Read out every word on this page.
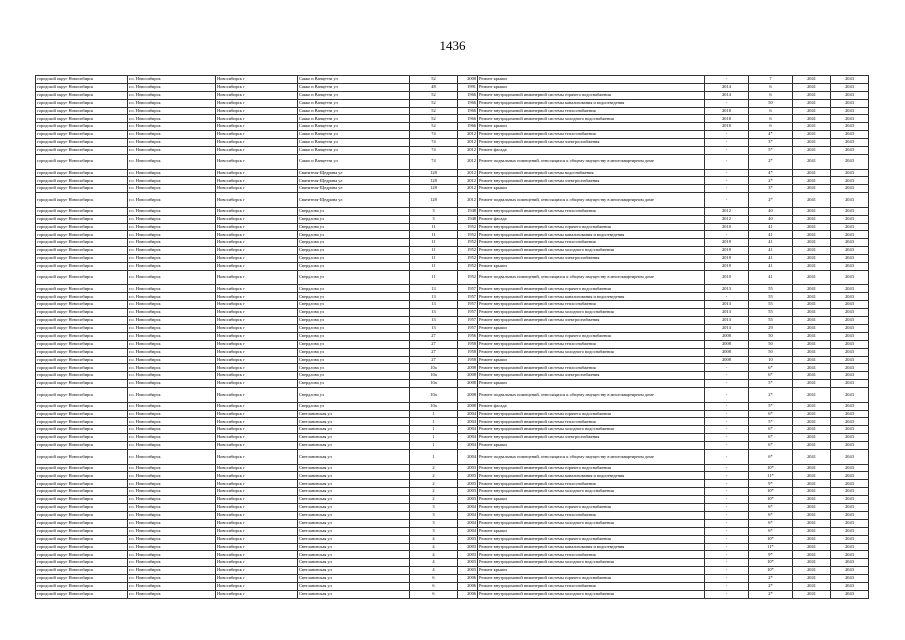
1436
городской округ Новосибирск	г.о. Новосибирск	Новосибирск г	Сакко и Ванцетти ул	52	2008	Ремонт крыши	-	7	2041	2043
городской округ Новосибирск	г.о. Новосибирск	Новосибирск г	Сакко и Ванцетти ул	48	1991	Ремонт крыши	2014	6	2041	2043
городской округ Новосибирск	г.о. Новосибирск	Новосибирск г	Сакко и Ванцетти ул	52	1966	Ремонт внутридомовой инженерной системы горячего водоснабжения	2014	6	2041	2043
городской округ Новосибирск	г.о. Новосибирск	Новосибирск г	Сакко и Ванцетти ул	52	1966	Ремонт внутридомовой инженерной системы канализования и водоотведения	-	50	2041	2043
городской округ Новосибирск	г.о. Новосибирск	Новосибирск г	Сакко и Ванцетти ул	52	1966	Ремонт внутридомовой инженерной системы теплоснабжения	2018	6	2041	2043
городской округ Новосибирск	г.о. Новосибирск	Новосибирск г	Сакко и Ванцетти ул	52	1966	Ремонт внутридомовой инженерной системы холодного водоснабжения	2018	6	2041	2043
городской округ Новосибирск	г.о. Новосибирск	Новосибирск г	Сакко и Ванцетти ул	52	1966	Ремонт крыши	2018	6	2041	2043
городской округ Новосибирск	г.о. Новосибирск	Новосибирск г	Сакко и Ванцетти ул	74	2012	Ремонт внутридомовой инженерной системы теплоснабжения	-	4*	2041	2043
городской округ Новосибирск	г.о. Новосибирск	Новосибирск г	Сакко и Ванцетти ул	74	2012	Ремонт внутридомовой инженерной системы электроснабжения	-	3*	2041	2043
городской округ Новосибирск	г.о. Новосибирск	Новосибирск г	Сакко и Ванцетти ул	74	2012	Ремонт фасада	-	5*	2041	2043
городской округ Новосибирск	г.о. Новосибирск	Новосибирск г	Сакко и Ванцетти ул	74	2012	Ремонт подвальных помещений, относящихся к общему имуществу в многоквартирном доме	-	2*	2041	2043
городской округ Новосибирск	г.о. Новосибирск	Новосибирск г	Святителя-Щедрина ул	128	2012	Ремонт внутридомовой инженерной системы водоснабжения	-	4*	2041	2043
городской округ Новосибирск	г.о. Новосибирск	Новосибирск г	Святителя-Щедрина ул	128	2012	Ремонт внутридомовой инженерной системы электроснабжения	-	2*	2041	2043
городской округ Новосибирск	г.о. Новосибирск	Новосибирск г	Святителя-Щедрина ул	128	2012	Ремонт крыши	-	3*	2041	2043
городской округ Новосибирск	г.о. Новосибирск	Новосибирск г	Святителя-Щедрина ул	128	2012	Ремонт подвальных помещений, относящихся к общему имуществу в многоквартирном доме	-	2*	2041	2043
городской округ Новосибирск	г.о. Новосибирск	Новосибирск г	Свердлова ул	3	1948	Ремонт внутридомовой инженерной системы теплоснабжения	2012	40	2041	2043
городской округ Новосибирск	г.о. Новосибирск	Новосибирск г	Свердлова ул	3	1948	Ремонт фасада	2012	40	2041	2043
городской округ Новосибирск	г.о. Новосибирск	Новосибирск г	Свердлова ул	11	1952	Ремонт внутридомовой инженерной системы горячего водоснабжения	2010	41	2041	2043
городской округ Новосибирск	г.о. Новосибирск	Новосибирск г	Свердлова ул	11	1952	Ремонт внутридомовой инженерной системы канализования и водоотведения	-	41	2041	2043
городской округ Новосибирск	г.о. Новосибирск	Новосибирск г	Свердлова ул	11	1952	Ремонт внутридомовой инженерной системы теплоснабжения	2010	41	2041	2043
городской округ Новосибирск	г.о. Новосибирск	Новосибирск г	Свердлова ул	11	1952	Ремонт внутридомовой инженерной системы холодного водоснабжения	2010	41	2041	2043
городской округ Новосибирск	г.о. Новосибирск	Новосибирск г	Свердлова ул	11	1952	Ремонт внутридомовой инженерной системы электроснабжения	2010	41	2041	2043
городской округ Новосибирск	г.о. Новосибирск	Новосибирск г	Свердлова ул	11	1952	Ремонт крыши	2010	41	2041	2043
городской округ Новосибирск	г.о. Новосибирск	Новосибирск г	Свердлова ул	11	1952	Ремонт подвальных помещений, относящихся к общему имуществу в многоквартирном доме	2010	41	2041	2043
городской округ Новосибирск	г.о. Новосибирск	Новосибирск г	Свердлова ул	13	1957	Ремонт внутридомовой инженерной системы горячего водоснабжения	2013	55	2041	2043
городской округ Новосибирск	г.о. Новосибирск	Новосибирск г	Свердлова ул	13	1957	Ремонт внутридомовой инженерной системы канализования и водоотведения	-	55	2041	2043
городской округ Новосибирск	г.о. Новосибирск	Новосибирск г	Свердлова ул	13	1957	Ремонт внутридомовой инженерной системы теплоснабжения	2013	55	2041	2043
городской округ Новосибирск	г.о. Новосибирск	Новосибирск г	Свердлова ул	13	1957	Ремонт внутридомовой инженерной системы холодного водоснабжения	2013	55	2041	2043
городской округ Новосибирск	г.о. Новосибирск	Новосибирск г	Свердлова ул	13	1957	Ремонт внутридомовой инженерной системы электроснабжения	2013	55	2041	2043
городской округ Новосибирск	г.о. Новосибирск	Новосибирск г	Свердлова ул	13	1957	Ремонт крыши	2013	29	2041	2043
городской округ Новосибирск	г.о. Новосибирск	Новосибирск г	Свердлова ул	27	1956	Ремонт внутридомовой инженерной системы горячего водоснабжения	2008	50	2041	2043
городской округ Новосибирск	г.о. Новосибирск	Новосибирск г	Свердлова ул	27	1958	Ремонт внутридомовой инженерной системы теплоснабжения	2008	50	2041	2043
городской округ Новосибирск	г.о. Новосибирск	Новосибирск г	Свердлова ул	27	1958	Ремонт внутридомовой инженерной системы холодного водоснабжения	2008	50	2041	2043
городской округ Новосибирск	г.о. Новосибирск	Новосибирск г	Свердлова ул	27	1958	Ремонт крыши	2008	10	2041	2043
городской округ Новосибирск	г.о. Новосибирск	Новосибирск г	Свердлова ул	10а	2008	Ремонт внутридомовой инженерной системы теплоснабжения	-	6*	2041	2043
городской округ Новосибирск	г.о. Новосибирск	Новосибирск г	Свердлова ул	10а	2008	Ремонт внутридомовой инженерной системы электроснабжения	-	6*	2041	2043
городской округ Новосибирск	г.о. Новосибирск	Новосибирск г	Свердлова ул	10а	2008	Ремонт крыши	-	5*	2041	2043
городской округ Новосибирск	г.о. Новосибирск	Новосибирск г	Свердлова ул	10а	2008	Ремонт подвальных помещений, относящихся к общему имуществу в многоквартирном доме	-	2*	2041	2043
городской округ Новосибирск	г.о. Новосибирск	Новосибирск г	Свердлова ул	10а	2008	Ремонт фасада	-	5*	2041	2043
городской округ Новосибирск	г.о. Новосибирск	Новосибирск г	Светлановская ул	1	2004	Ремонт внутридомовой инженерной системы горячего водоснабжения	-	6*	2041	2043
городской округ Новосибирск	г.о. Новосибирск	Новосибирск г	Светлановская ул	1	2004	Ремонт внутридомовой инженерной системы теплоснабжения	-	5*	2041	2043
городской округ Новосибирск	г.о. Новосибирск	Новосибирск г	Светлановская ул	1	2004	Ремонт внутридомовой инженерной системы холодного водоснабжения	-	6*	2041	2043
городской округ Новосибирск	г.о. Новосибирск	Новосибирск г	Светлановская ул	1	2004	Ремонт внутридомовой инженерной системы электроснабжения	-	6*	2041	2043
городской округ Новосибирск	г.о. Новосибирск	Новосибирск г	Светлановская ул	1	2004	Ремонт крыши	-	6*	2041	2043
городской округ Новосибирск	г.о. Новосибирск	Новосибирск г	Светлановская ул	1	2004	Ремонт подвальных помещений, относящихся к общему имуществу в многоквартирном доме	-	6*	2041	2043
городской округ Новосибирск	г.о. Новосибирск	Новосибирск г	Светлановская ул	2	2003	Ремонт внутридомовой инженерной системы горячего водоснабжения	-	10*	2041	2043
городской округ Новосибирск	г.о. Новосибирск	Новосибирск г	Светлановская ул	2	2003	Ремонт внутридомовой инженерной системы канализования и водоотведения	-	11*	2041	2043
городской округ Новосибирск	г.о. Новосибирск	Новосибирск г	Светлановская ул	2	2003	Ремонт внутридомовой инженерной системы теплоснабжения	-	9*	2041	2043
городской округ Новосибирск	г.о. Новосибирск	Новосибирск г	Светлановская ул	2	2003	Ремонт внутридомовой инженерной системы холодного водоснабжения	-	10*	2041	2043
городской округ Новосибирск	г.о. Новосибирск	Новосибирск г	Светлановская ул	2	2003	Ремонт крыши	-	10*	2041	2043
городской округ Новосибирск	г.о. Новосибирск	Новосибирск г	Светлановская ул	3	2004	Ремонт внутридомовой инженерной системы горячего водоснабжения	-	6*	2041	2043
городской округ Новосибирск	г.о. Новосибирск	Новосибирск г	Светлановская ул	3	2004	Ремонт внутридомовой инженерной системы теплоснабжения	-	6*	2041	2043
городской округ Новосибирск	г.о. Новосибирск	Новосибирск г	Светлановская ул	3	2004	Ремонт внутридомовой инженерной системы холодного водоснабжения	-	6*	2041	2043
городской округ Новосибирск	г.о. Новосибирск	Новосибирск г	Светлановская ул	3	2004	Ремонт крыши	-	6*	2041	2043
городской округ Новосибирск	г.о. Новосибирск	Новосибирск г	Светлановская ул	4	2003	Ремонт внутридомовой инженерной системы горячего водоснабжения	-	10*	2041	2043
городской округ Новосибирск	г.о. Новосибирск	Новосибирск г	Светлановская ул	4	2003	Ремонт внутридомовой инженерной системы канализования и водоотведения	-	11*	2041	2043
городской округ Новосибирск	г.о. Новосибирск	Новосибирск г	Светлановская ул	4	2003	Ремонт внутридомовой инженерной системы теплоснабжения	-	9*	2041	2043
городской округ Новосибирск	г.о. Новосибирск	Новосибирск г	Светлановская ул	4	2003	Ремонт внутридомовой инженерной системы холодного водоснабжения	-	10*	2041	2043
городской округ Новосибирск	г.о. Новосибирск	Новосибирск г	Светлановская ул	4	2003	Ремонт крыши	-	10*	2041	2043
городской округ Новосибирск	г.о. Новосибирск	Новосибирск г	Светлановская ул	6	2006	Ремонт внутридомовой инженерной системы горячего водоснабжения	-	2*	2041	2043
городской округ Новосибирск	г.о. Новосибирск	Новосибирск г	Светлановская ул	6	2006	Ремонт внутридомовой инженерной системы теплоснабжения	-	2*	2041	2043
городской округ Новосибирск	г.о. Новосибирск	Новосибирск г	Светлановская ул	6	2006	Ремонт внутридомовой инженерной системы холодного водоснабжения	-	2*	2041	2043
